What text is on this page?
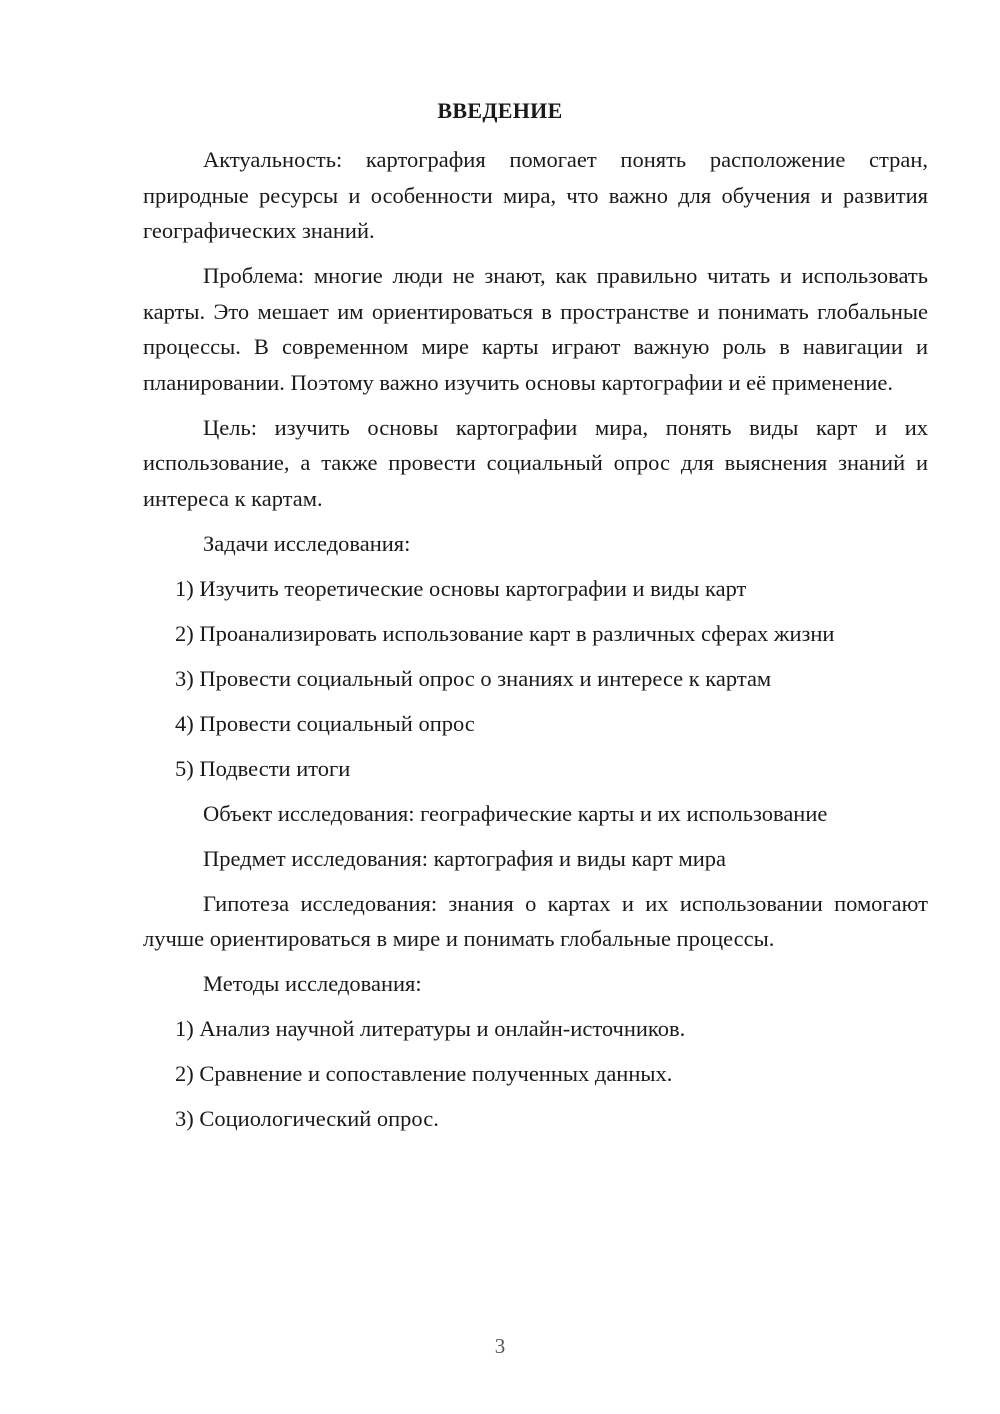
ВВЕДЕНИЕ

Актуальность: картография помогает понять расположение стран, природные ресурсы и особенности мира, что важно для обучения и развития географических знаний.

Проблема: многие люди не знают, как правильно читать и использовать карты. Это мешает им ориентироваться в пространстве и понимать глобальные процессы. В современном мире карты играют важную роль в навигации и планировании. Поэтому важно изучить основы картографии и её применение.

Цель: изучить основы картографии мира, понять виды карт и их использование, а также провести социальный опрос для выяснения знаний и интереса к картам.

Задачи исследования:

1) Изучить теоретические основы картографии и виды карт

2) Проанализировать использование карт в различных сферах жизни

3) Провести социальный опрос о знаниях и интересе к картам

4) Провести социальный опрос

5) Подвести итоги

Объект исследования: географические карты и их использование

Предмет исследования: картография и виды карт мира

Гипотеза исследования: знания о картах и их использовании помогают лучше ориентироваться в мире и понимать глобальные процессы.

Методы исследования:

1) Анализ научной литературы и онлайн-источников.

2) Сравнение и сопоставление полученных данных.

3) Социологический опрос.

3
